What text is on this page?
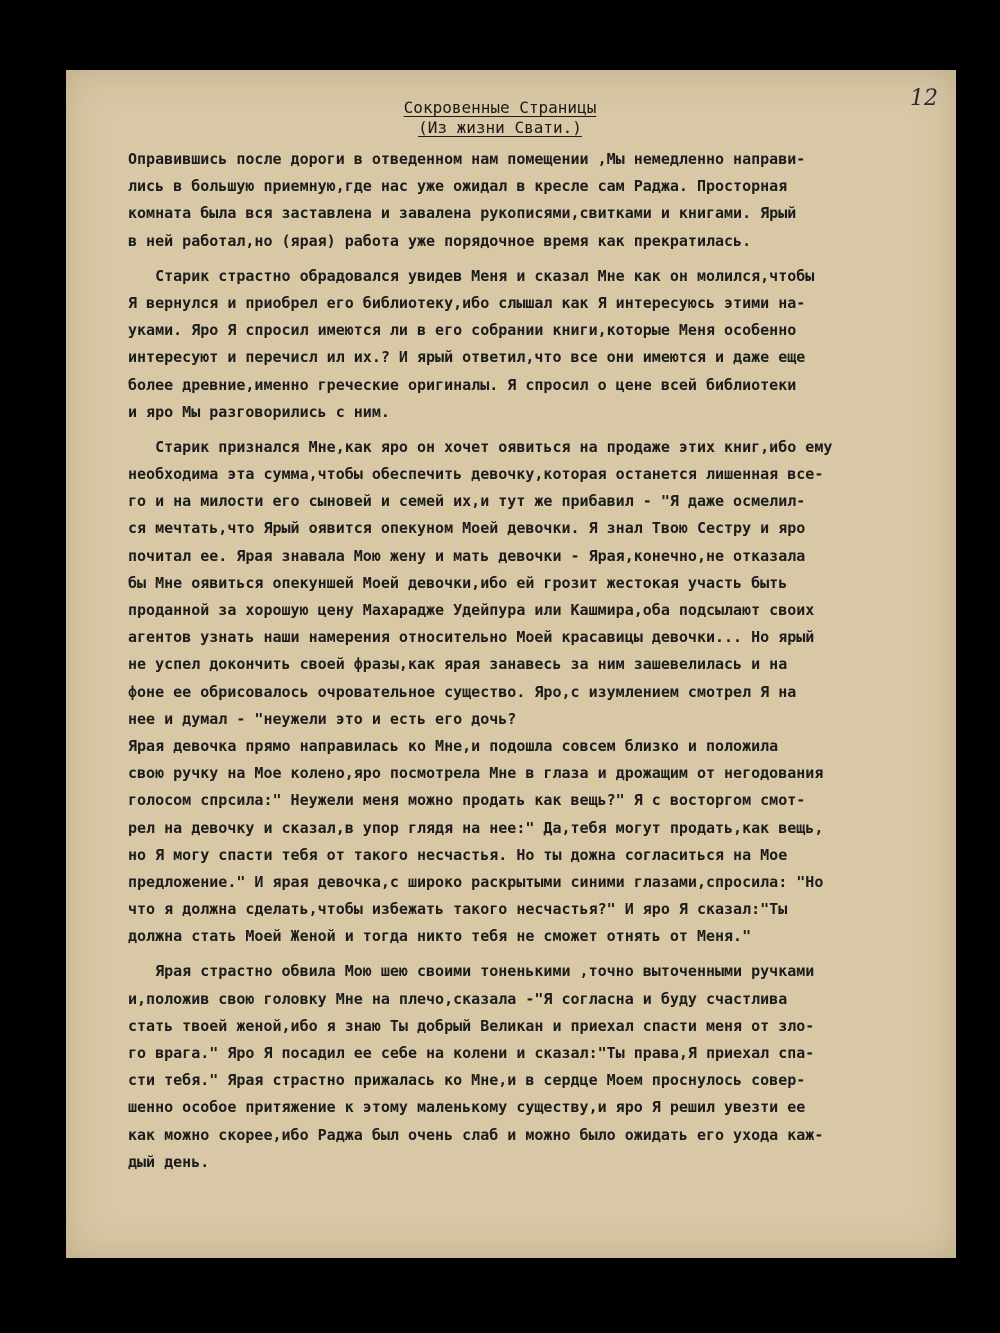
12
Сокровенные Страницы
(Из жизни Свати.)
Оправившись после дороги в отведенном нам помещении ,Мы немедленно направи-
лись в большую приемную,где нас уже ожидал в кресле сам Раджа. Просторная
комната была вся заставлена и завалена рукописями,свитками и книгами. Ярый
в ней работал,но (ярая) работа уже порядочное время как прекратилась.
Старик страстно обрадовался увидев Меня и сказал Мне как он молился,чтобы
Я вернулся и приобрел его библиотеку,ибо слышал как Я интересуюсь этими на-
уками. Яро Я спросил имеются ли в его собрании книги,которые Меня особенно
интересуют и перечисл ил их.? И ярый ответил,что все они имеются и даже еще
более древние,именно греческие оригиналы. Я спросил о цене всей библиотеки
и яро Мы разговорились с ним.
Старик признался Мне,как яро он хочет оявиться на продаже этих книг,ибо ему
необходима эта сумма,чтобы обеспечить девочку,которая останется лишенная все-
го и на милости его сыновей и семей их,и тут же прибавил - "Я даже осмелил-
ся мечтать,что Ярый оявится опекуном Моей девочки. Я знал Твою Сестру и яро
почитал ее. Ярая знавала Мою жену и мать девочки - Ярая,конечно,не отказала
бы Мне оявиться опекуншей Моей девочки,ибо ей грозит жестокая участь быть
проданной за хорошую цену Махарадже Удейпура или Кашмира,оба подсылают своих
агентов узнать наши намерения относительно Моей красавицы девочки... Но ярый
не успел докончить своей фразы,как ярая занавесь за ним зашевелилась и на
фоне ее обрисовалось очровательное существо. Яро,с изумлением смотрел Я на
нее и думал - "неужели это и есть его дочь?
Ярая девочка прямо направилась ко Мне,и подошла совсем близко и положила
свою ручку на Мое колено,яро посмотрела Мне в глаза и дрожащим от негодования
голосом спрсила:" Неужели меня можно продать как вещь?" Я с восторгом смот-
рел на девочку и сказал,в упор глядя на нее:" Да,тебя могут продать,как вещь,
но Я могу спасти тебя от такого несчастья. Но ты дожна согласиться на Мое
предложение." И ярая девочка,с широко раскрытыми синими глазами,спросила: "Но
что я должна сделать,чтобы избежать такого несчастья?" И яро Я сказал:"Ты
должна стать Моей Женой и тогда никто тебя не сможет отнять от Меня."
Ярая страстно обвила Мою шею своими тоненькими ,точно выточенными ручками
и,положив свою головку Мне на плечо,сказала -"Я согласна и буду счастлива
стать твоей женой,ибо я знаю Ты добрый Великан и приехал спасти меня от зло-
го врага." Яро Я посадил ее себе на колени и сказал:"Ты права,Я приехал спа-
сти тебя." Ярая страстно прижалась ко Мне,и в сердце Моем проснулось совер-
шенно особое притяжение к этому маленькому существу,и яро Я решил увезти ее
как можно скорее,ибо Раджа был очень слаб и можно было ожидать его ухода каж-
дый день.
